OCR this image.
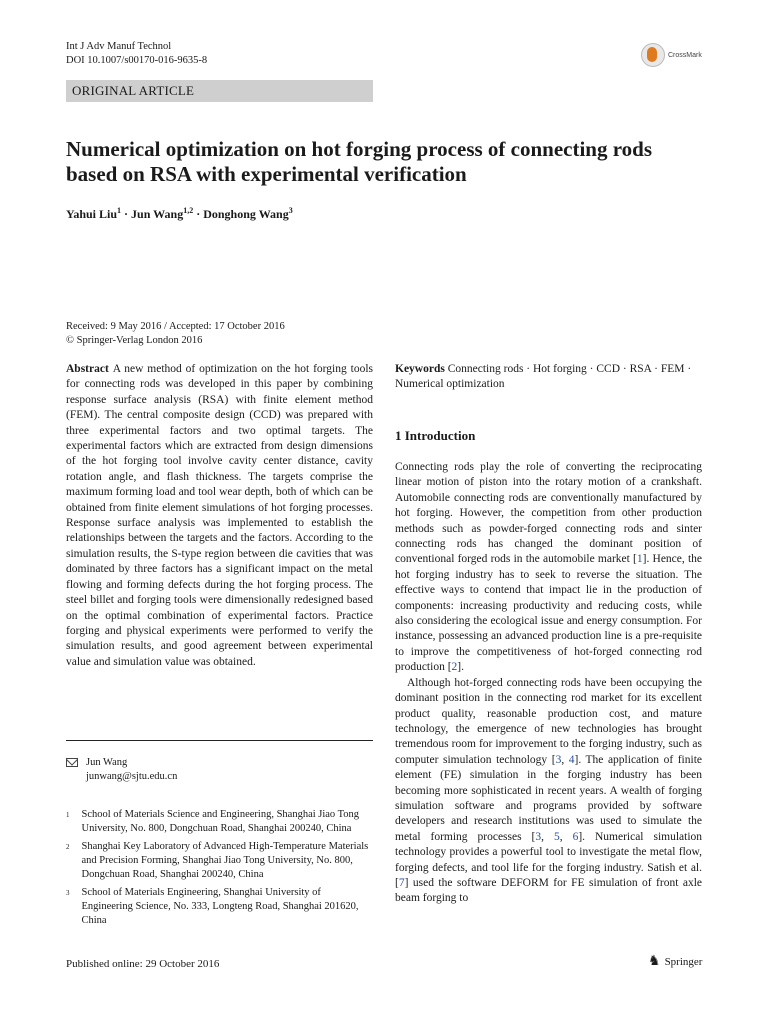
Int J Adv Manuf Technol
DOI 10.1007/s00170-016-9635-8	CrossMark
ORIGINAL ARTICLE
Numerical optimization on hot forging process of connecting rods based on RSA with experimental verification
Yahui Liu$^1$ · Jun Wang$^{1,2}$ · Donghong Wang$^3$
Received: 9 May 2016 / Accepted: 17 October 2016
© Springer-Verlag London 2016

Abstract A new method of optimization on the hot forging tools for connecting rods was developed in this paper by combining response surface analysis (RSA) with finite element method (FEM). The central composite design (CCD) was prepared with three experimental factors and two optimal targets. The experimental factors which are extracted from design dimensions of the hot forging tool involve cavity center distance, cavity rotation angle, and flash thickness. The targets comprise the maximum forming load and tool wear depth, both of which can be obtained from finite element simulations of hot forging processes. Response surface analysis was implemented to establish the relationships between the targets and the factors. According to the simulation results, the S-type region between die cavities that was dominated by three factors has a significant impact on the metal flowing and forming defects during the hot forging process. The steel billet and forging tools were dimensionally redesigned based on the optimal combination of experimental factors. Practice forging and physical experiments were performed to verify the simulation results, and good agreement between experimental value and simulation value was obtained.

Keywords Connecting rods · Hot forging · CCD · RSA · FEM · Numerical optimization

1 Introduction

Connecting rods play the role of converting the reciprocating linear motion of piston into the rotary motion of a crankshaft. Automobile connecting rods are conventionally manufactured by hot forging. However, the competition from other production methods such as powder-forged connecting rods and sinter connecting rods has changed the dominant position of conventional forged rods in the automobile market [1]. Hence, the hot forging industry has to seek to reverse the situation. The effective ways to contend that impact lie in the production of components: increasing productivity and reducing costs, while also considering the ecological issue and energy consumption. For instance, possessing an advanced production line is a pre-requisite to improve the competitiveness of hot-forged connecting rod production [2].

Although hot-forged connecting rods have been occupying the dominant position in the connecting rod market for its excellent product quality, reasonable production cost, and mature technology, the emergence of new technologies has brought tremendous room for improvement to the forging industry, such as computer simulation technology [3, 4]. The application of finite element (FE) simulation in the forging industry has been becoming more sophisticated in recent years. A wealth of forging simulation software and programs provided by software developers and research institutions was used to simulate the metal forming processes [3, 5, 6]. Numerical simulation technology provides a powerful tool to investigate the metal flow, forging defects, and tool life for the forging industry. Satish et al. [7] used the software DEFORM for FE simulation of front axle beam forging to

Jun Wang
junwang@sjtu.edu.cn
1 School of Materials Science and Engineering, Shanghai Jiao Tong University, No. 800, Dongchuan Road, Shanghai 200240, China
2 Shanghai Key Laboratory of Advanced High-Temperature Materials and Precision Forming, Shanghai Jiao Tong University, No. 800, Dongchuan Road, Shanghai 200240, China
3 School of Materials Engineering, Shanghai University of Engineering Science, No. 333, Longteng Road, Shanghai 201620, China
Published online: 29 October 2016	♞ Springer
